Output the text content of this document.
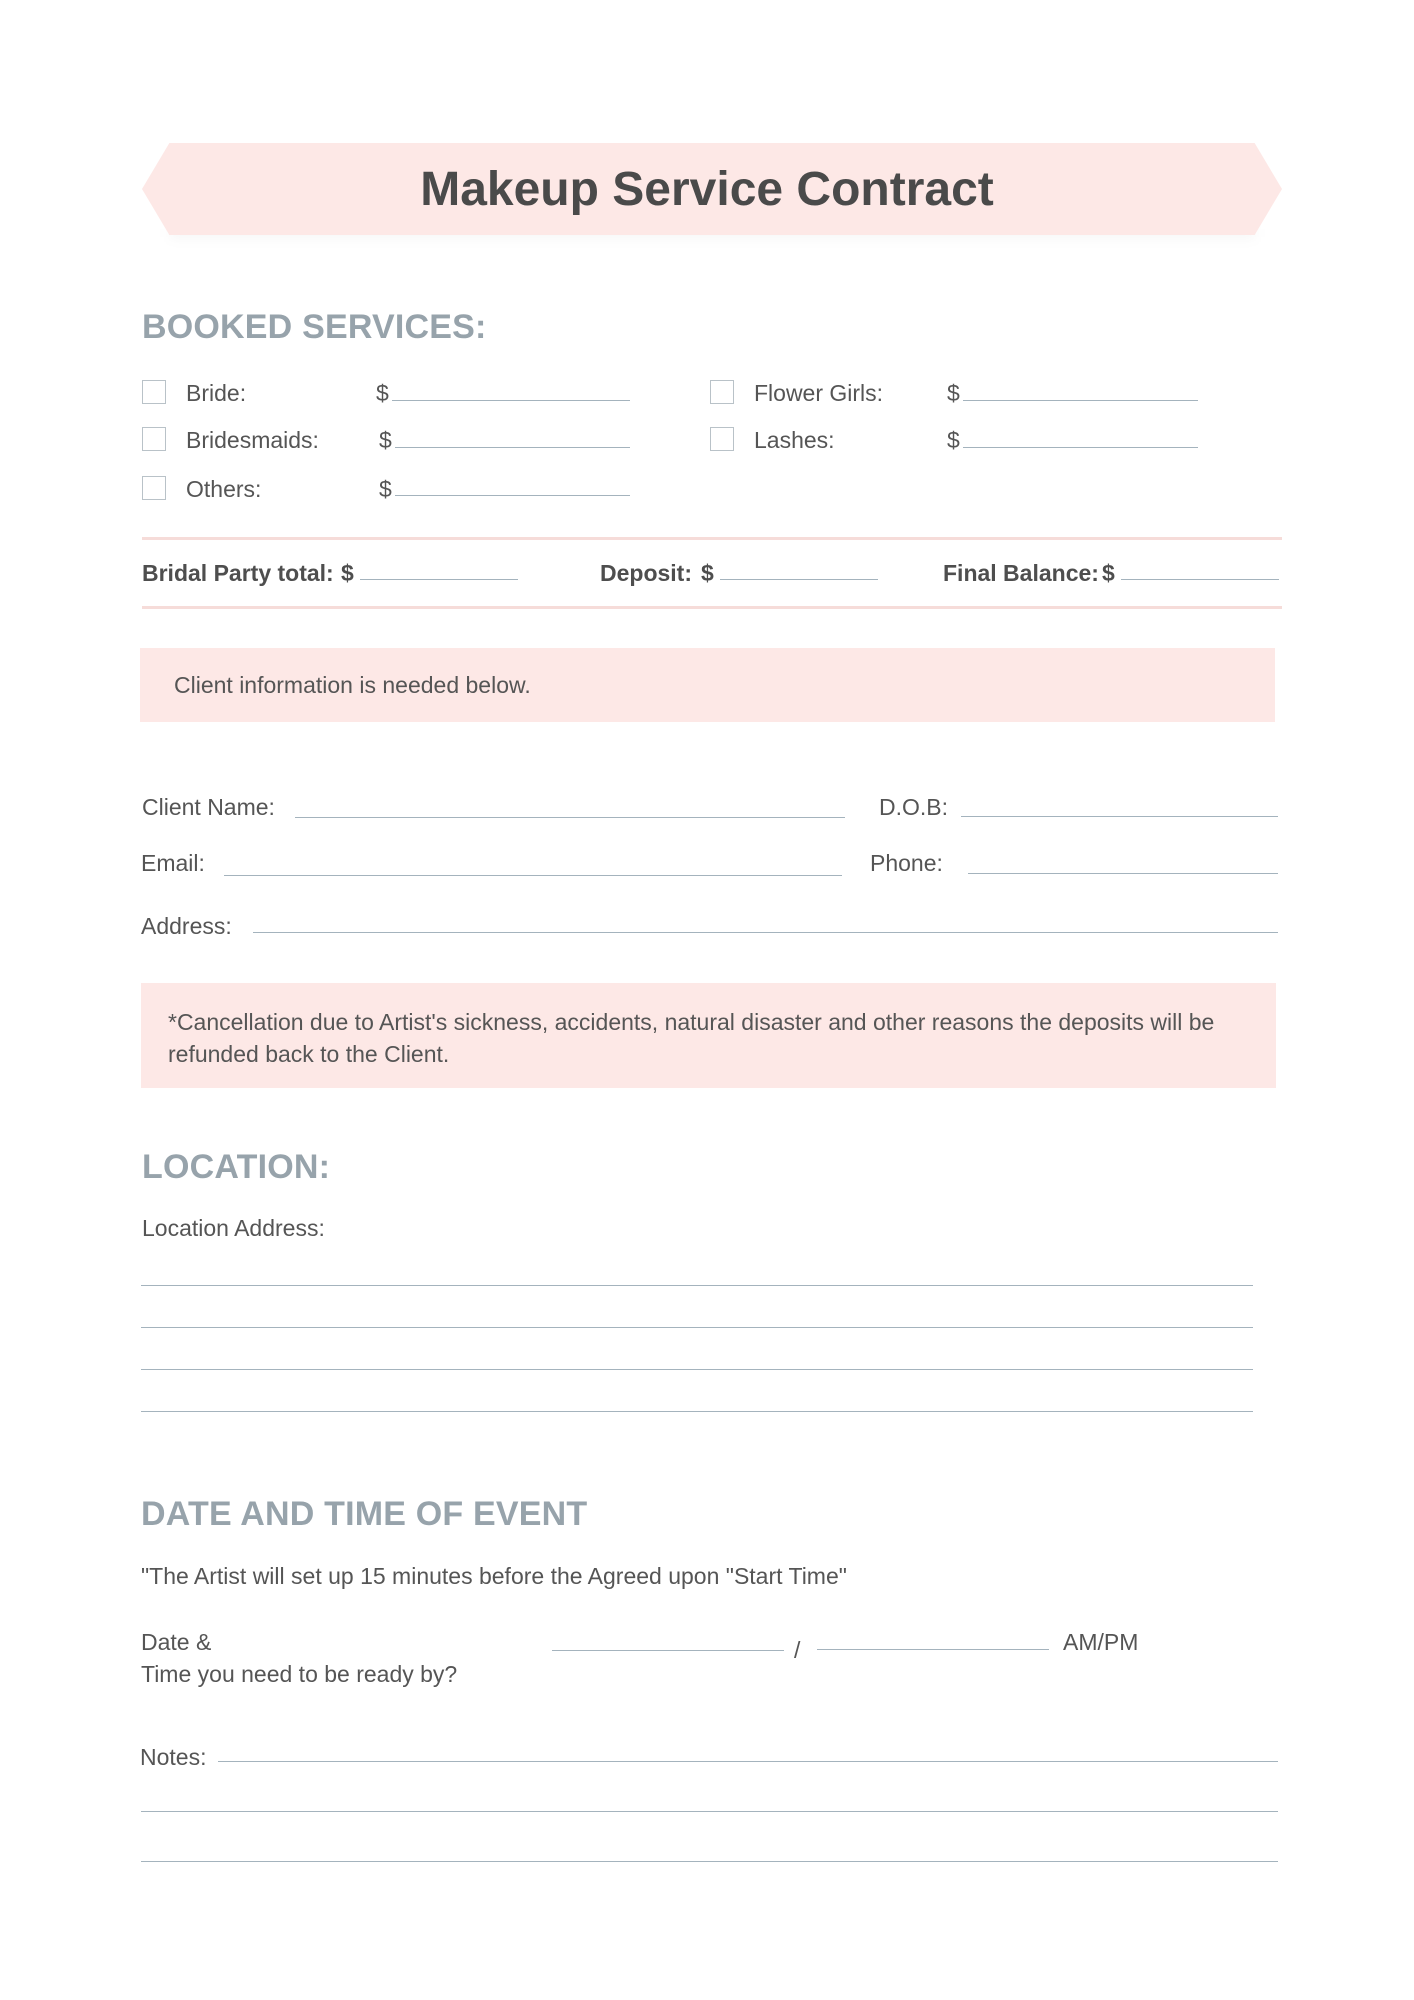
Makeup Service Contract
BOOKED SERVICES:
Bride:	$
Bridesmaids:	$
Others:	$
Flower Girls:	$
Lashes:	$
Bridal Party total: $	Deposit: $	Final Balance: $
Client information is needed below.
Client Name:	D.O.B:
Email:	Phone:
Address:
*Cancellation due to Artist's sickness, accidents, natural disaster and other reasons the deposits will be refunded back to the Client.
LOCATION:
Location Address:
DATE AND TIME OF EVENT
"The Artist will set up 15 minutes before the Agreed upon "Start Time"
Date &
Time you need to be ready by?
/	AM/PM
Notes:
